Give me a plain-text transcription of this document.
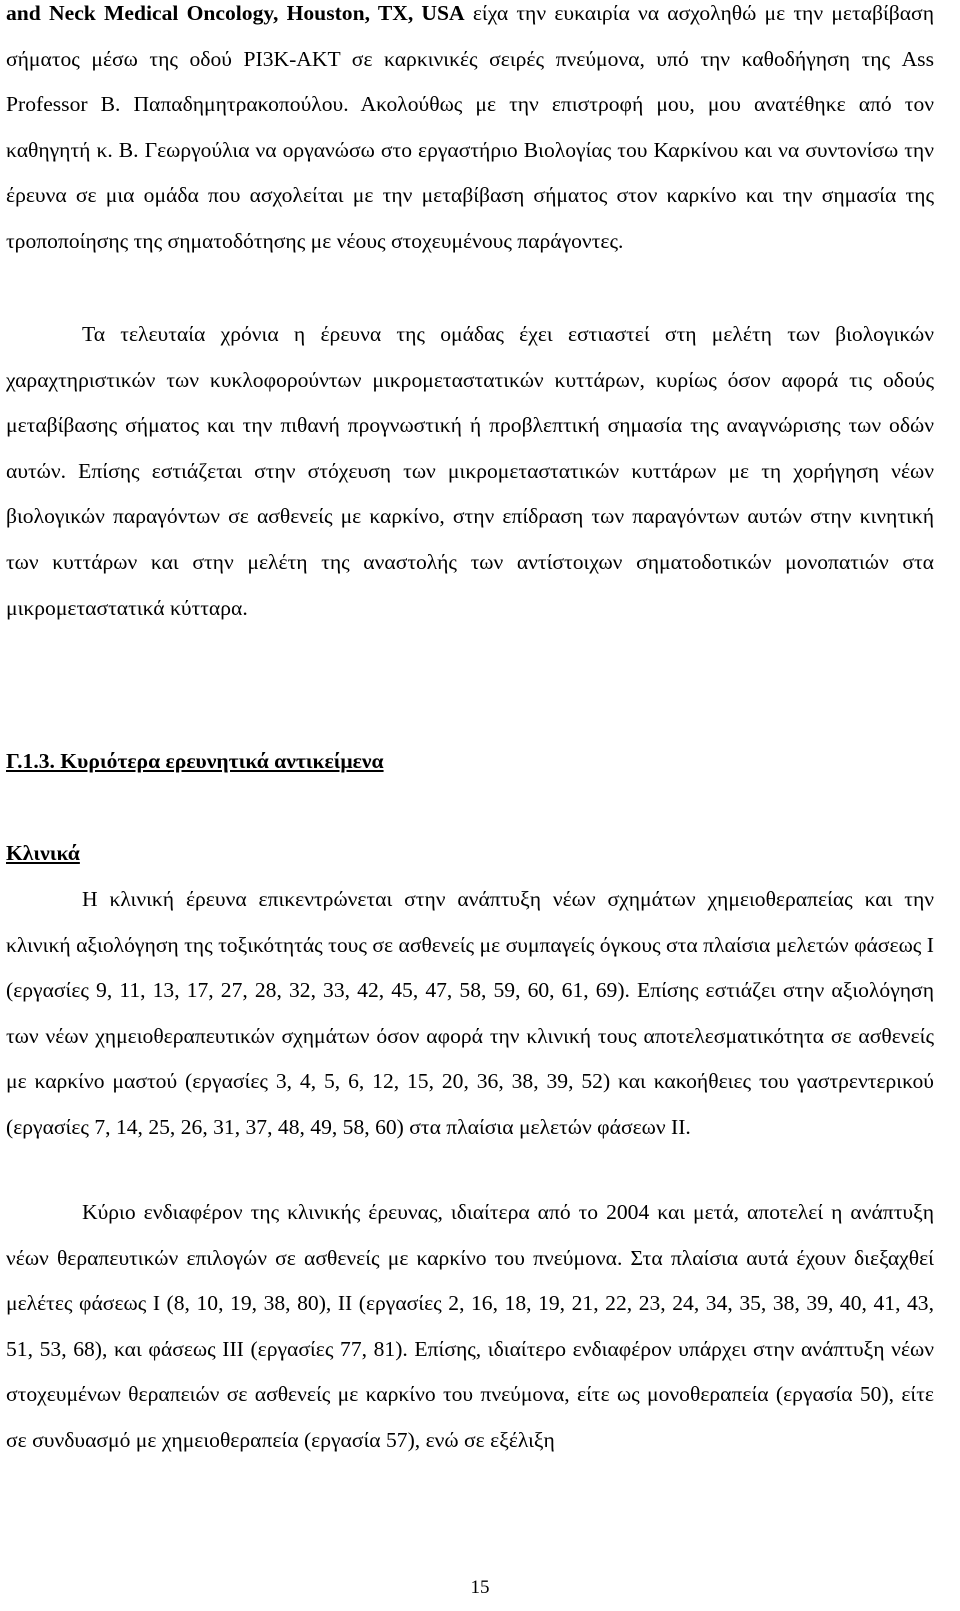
and Neck Medical Oncology, Houston, TX, USA είχα την ευκαιρία να ασχοληθώ με την μεταβίβαση σήματος μέσω της οδού PI3K-AKT σε καρκινικές σειρές πνεύμονα, υπό την καθοδήγηση της Ass Professor Β. Παπαδημητρακοπούλου. Ακολούθως με την επιστροφή μου, μου ανατέθηκε από τον καθηγητή κ. Β. Γεωργούλια να οργανώσω στο εργαστήριο Βιολογίας του Καρκίνου και να συντονίσω την έρευνα σε μια ομάδα που ασχολείται με την μεταβίβαση σήματος στον καρκίνο και την σημασία της τροποποίησης της σηματοδότησης με νέους στοχευμένους παράγοντες.

Τα τελευταία χρόνια η έρευνα της ομάδας έχει εστιαστεί στη μελέτη των βιολογικών χαραχτηριστικών των κυκλοφορούντων μικρομεταστατικών κυττάρων, κυρίως όσον αφορά τις οδούς μεταβίβασης σήματος και την πιθανή προγνωστική ή προβλεπτική σημασία της αναγνώρισης των οδών αυτών. Επίσης εστιάζεται στην στόχευση των μικρομεταστατικών κυττάρων με τη χορήγηση νέων βιολογικών παραγόντων σε ασθενείς με καρκίνο, στην επίδραση των παραγόντων αυτών στην κινητική των κυττάρων και στην μελέτη της αναστολής των αντίστοιχων σηματοδοτικών μονοπατιών στα μικρομεταστατικά κύτταρα.

Γ.1.3. Κυριότερα ερευνητικά αντικείμενα

Κλινικά

Η κλινική έρευνα επικεντρώνεται στην ανάπτυξη νέων σχημάτων χημειοθεραπείας και την κλινική αξιολόγηση της τοξικότητάς τους σε ασθενείς με συμπαγείς όγκους στα πλαίσια μελετών φάσεως Ι (εργασίες 9, 11, 13, 17, 27, 28, 32, 33, 42, 45, 47, 58, 59, 60, 61, 69). Επίσης εστιάζει στην αξιολόγηση των νέων χημειοθεραπευτικών σχημάτων όσον αφορά την κλινική τους αποτελεσματικότητα σε ασθενείς με καρκίνο μαστού (εργασίες 3, 4, 5, 6, 12, 15, 20, 36, 38, 39, 52) και κακοήθειες του γαστρεντερικού (εργασίες 7, 14, 25, 26, 31, 37, 48, 49, 58, 60) στα πλαίσια μελετών φάσεων ΙΙ.

Κύριο ενδιαφέρον της κλινικής έρευνας, ιδιαίτερα από το 2004 και μετά, αποτελεί η ανάπτυξη νέων θεραπευτικών επιλογών σε ασθενείς με καρκίνο του πνεύμονα. Στα πλαίσια αυτά έχουν διεξαχθεί μελέτες φάσεως Ι (8, 10, 19, 38, 80), ΙΙ (εργασίες 2, 16, 18, 19, 21, 22, 23, 24, 34, 35, 38, 39, 40, 41, 43, 51, 53, 68), και φάσεως ΙΙΙ (εργασίες 77, 81). Επίσης, ιδιαίτερο ενδιαφέρον υπάρχει στην ανάπτυξη νέων στοχευμένων θεραπειών σε ασθενείς με καρκίνο του πνεύμονα, είτε ως μονοθεραπεία (εργασία 50), είτε σε συνδυασμό με χημειοθεραπεία (εργασία 57), ενώ σε εξέλιξη

15
